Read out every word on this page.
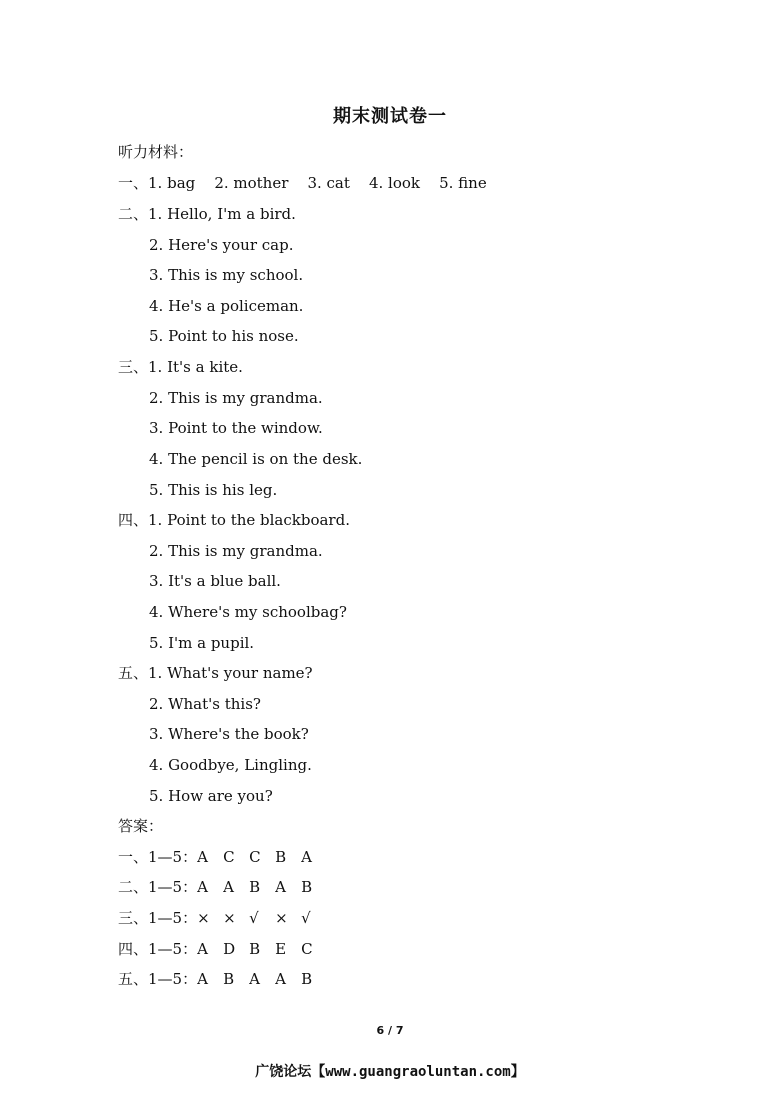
期末测试卷一
听力材料：
一、1. bag    2. mother    3. cat    4. look    5. fine
二、1. Hello, I'm a bird.
2. Here's your cap.
3. This is my school.
4. He's a policeman.
5. Point to his nose.
三、1. It's a kite.
2. This is my grandma.
3. Point to the window.
4. The pencil is on the desk.
5. This is his leg.
四、1. Point to the blackboard.
2. This is my grandma.
3. It's a blue ball.
4. Where's my schoolbag?
5. I'm a pupil.
五、1. What's your name?
2. What's this?
3. Where's the book?
4. Goodbye, Lingling.
5. How are you?
答案：
一、1—5：A C C B A
二、1—5：A A B A B
三、1—5：× × √ × √
四、1—5：A D B E C
五、1—5：A B A A B
6 / 7
广饶论坛【www.guangraoluntan.com】
